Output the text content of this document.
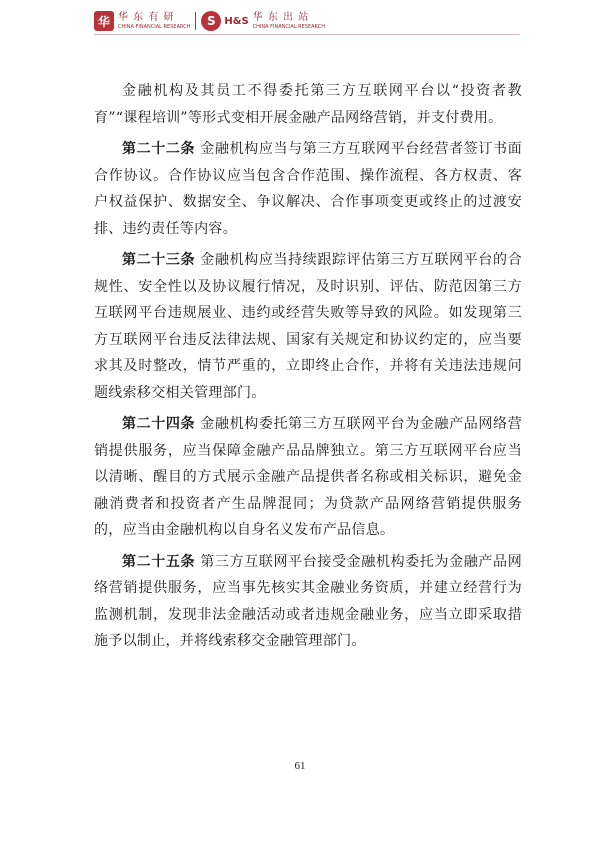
华 华 东 有 研
CHINA FINANCIAL RESEARCH	S H&S 华 东 出 站
CHINA FINANCIAL RESEARCH

金融机构及其员工不得委托第三方互联网平台以“投资者教育”“课程培训”等形式变相开展金融产品网络营销，并支付费用。

第二十二条 金融机构应当与第三方互联网平台经营者签订书面合作协议。合作协议应当包含合作范围、操作流程、各方权责、客户权益保护、数据安全、争议解决、合作事项变更或终止的过渡安排、违约责任等内容。

第二十三条 金融机构应当持续跟踪评估第三方互联网平台的合规性、安全性以及协议履行情况，及时识别、评估、防范因第三方互联网平台违规展业、违约或经营失败等导致的风险。如发现第三方互联网平台违反法律法规、国家有关规定和协议约定的，应当要求其及时整改，情节严重的，立即终止合作，并将有关违法违规问题线索移交相关管理部门。

第二十四条 金融机构委托第三方互联网平台为金融产品网络营销提供服务，应当保障金融产品品牌独立。第三方互联网平台应当以清晰、醒目的方式展示金融产品提供者名称或相关标识，避免金融消费者和投资者产生品牌混同；为贷款产品网络营销提供服务的，应当由金融机构以自身名义发布产品信息。

第二十五条 第三方互联网平台接受金融机构委托为金融产品网络营销提供服务，应当事先核实其金融业务资质，并建立经营行为监测机制，发现非法金融活动或者违规金融业务，应当立即采取措施予以制止，并将线索移交金融管理部门。

61
